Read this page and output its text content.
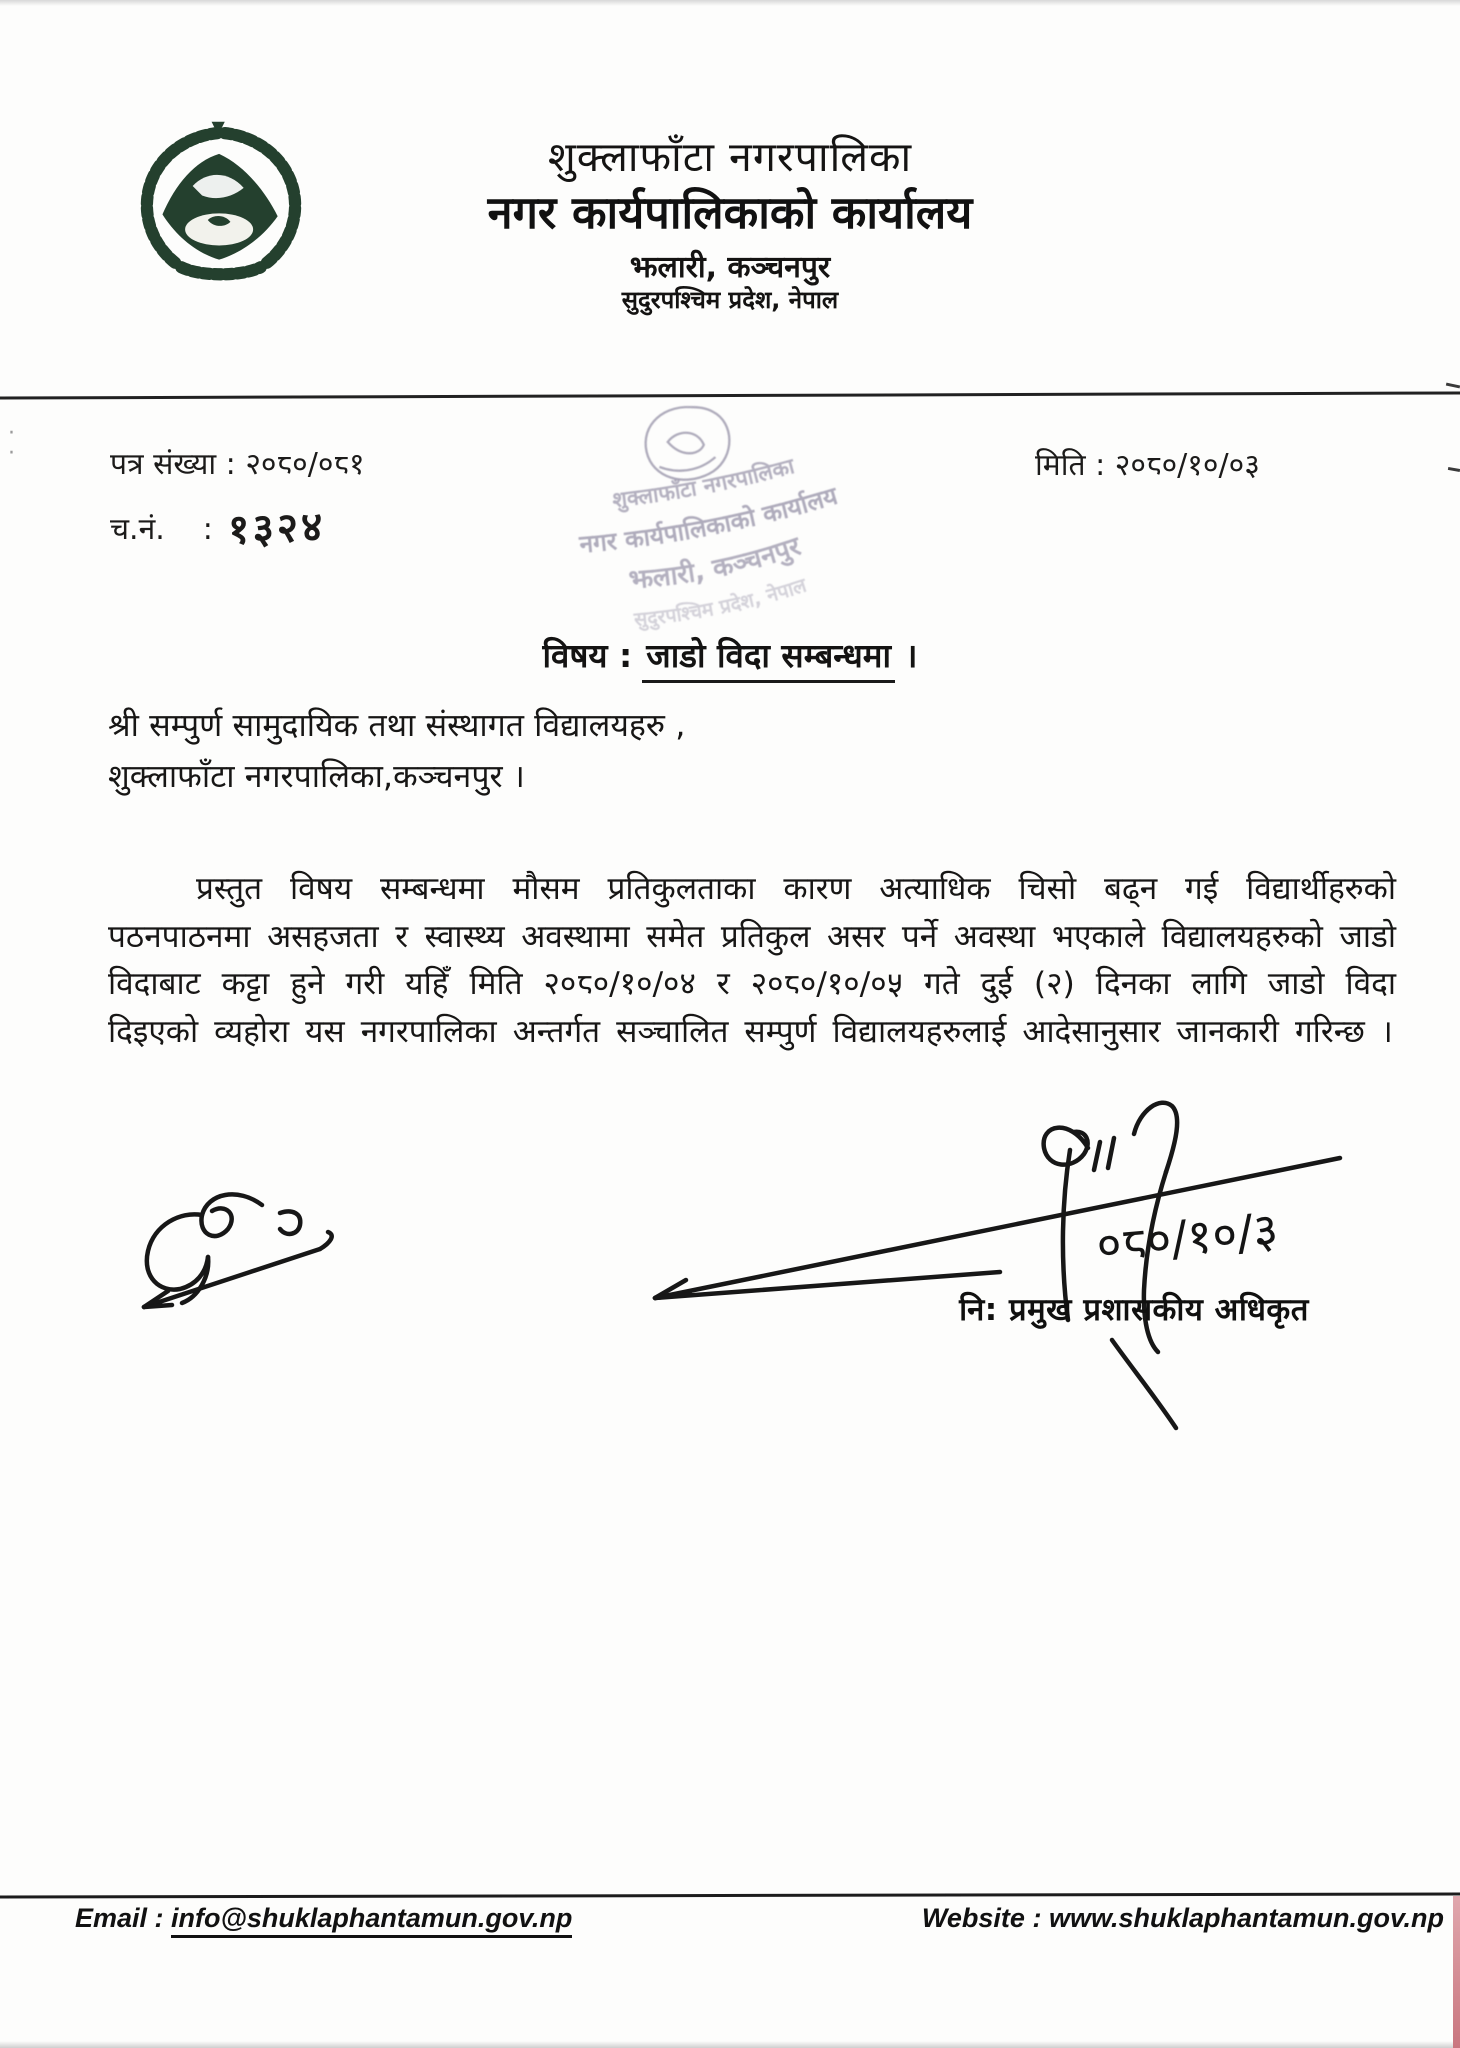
·
·
शुक्लाफाँटा नगरपालिका
नगर कार्यपालिकाको कार्यालय
झलारी, कञ्चनपुर
सुदुरपश्चिम प्रदेश, नेपाल
पत्र संख्या : २०८०/०८१
च.नं. : १३२४
मिति : २०८०/१०/०३
शुक्लाफाँटा नगरपालिका
नगर कार्यपालिकाको कार्यालय
झलारी, कञ्चनपुर
सुदुरपश्चिम प्रदेश, नेपाल
विषय : जाडो विदा सम्बन्धमा ।
श्री सम्पुर्ण सामुदायिक तथा संस्थागत विद्यालयहरु ,
शुक्लाफाँटा नगरपालिका,कञ्चनपुर ।

प्रस्तुत विषय सम्बन्धमा मौसम प्रतिकुलताका कारण अत्याधिक चिसो बढ्न गई विद्यार्थीहरुको पठनपाठनमा असहजता र स्वास्थ्य अवस्थामा समेत प्रतिकुल असर पर्ने अवस्था भएकाले विद्यालयहरुको जाडो विदाबाट कट्टा हुने गरी यहिँ मिति २०८०/१०/०४ र २०८०/१०/०५ गते दुई (२) दिनका लागि जाडो विदा दिइएको व्यहोरा यस नगरपालिका अन्तर्गत सञ्चालित सम्पुर्ण विद्यालयहरुलाई आदेसानुसार जानकारी गरिन्छ ।

०८०/१०/३
नि: प्रमुख प्रशासकीय अधिकृत
Email : info@shuklaphantamun.gov.np	Website : www.shuklaphantamun.gov.np
